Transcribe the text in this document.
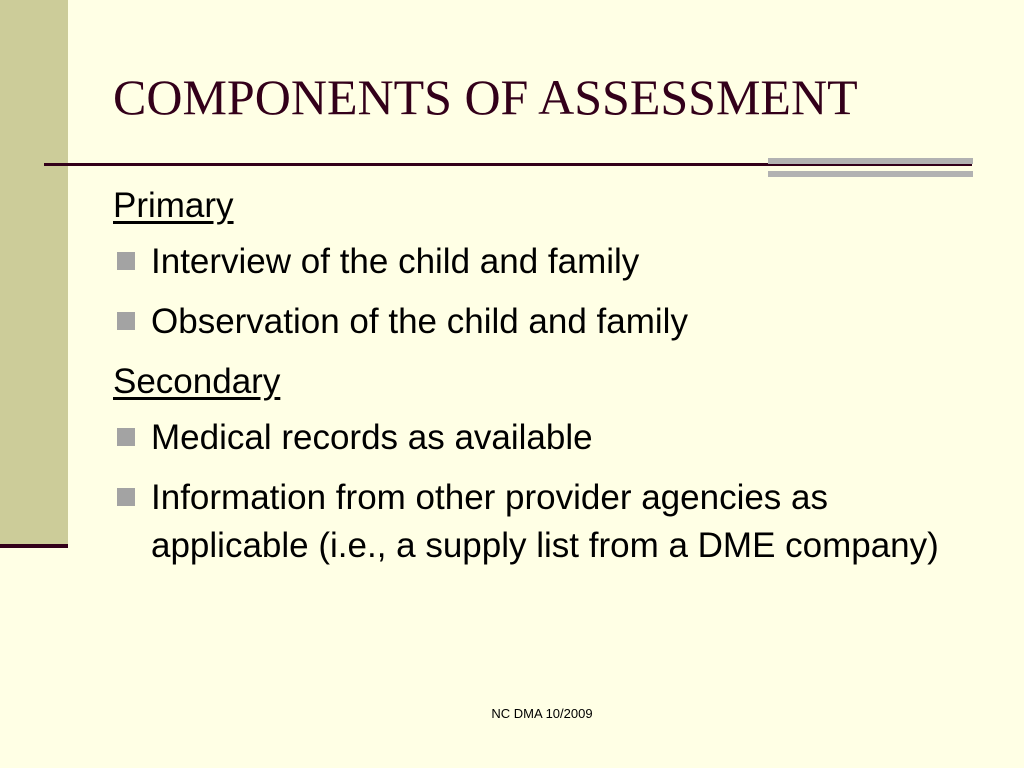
COMPONENTS OF ASSESSMENT
Primary
Interview of the child and family
Observation of the child and family
Secondary
Medical records as available
Information from other provider agencies as applicable (i.e., a supply list from a DME company)
NC DMA 10/2009
